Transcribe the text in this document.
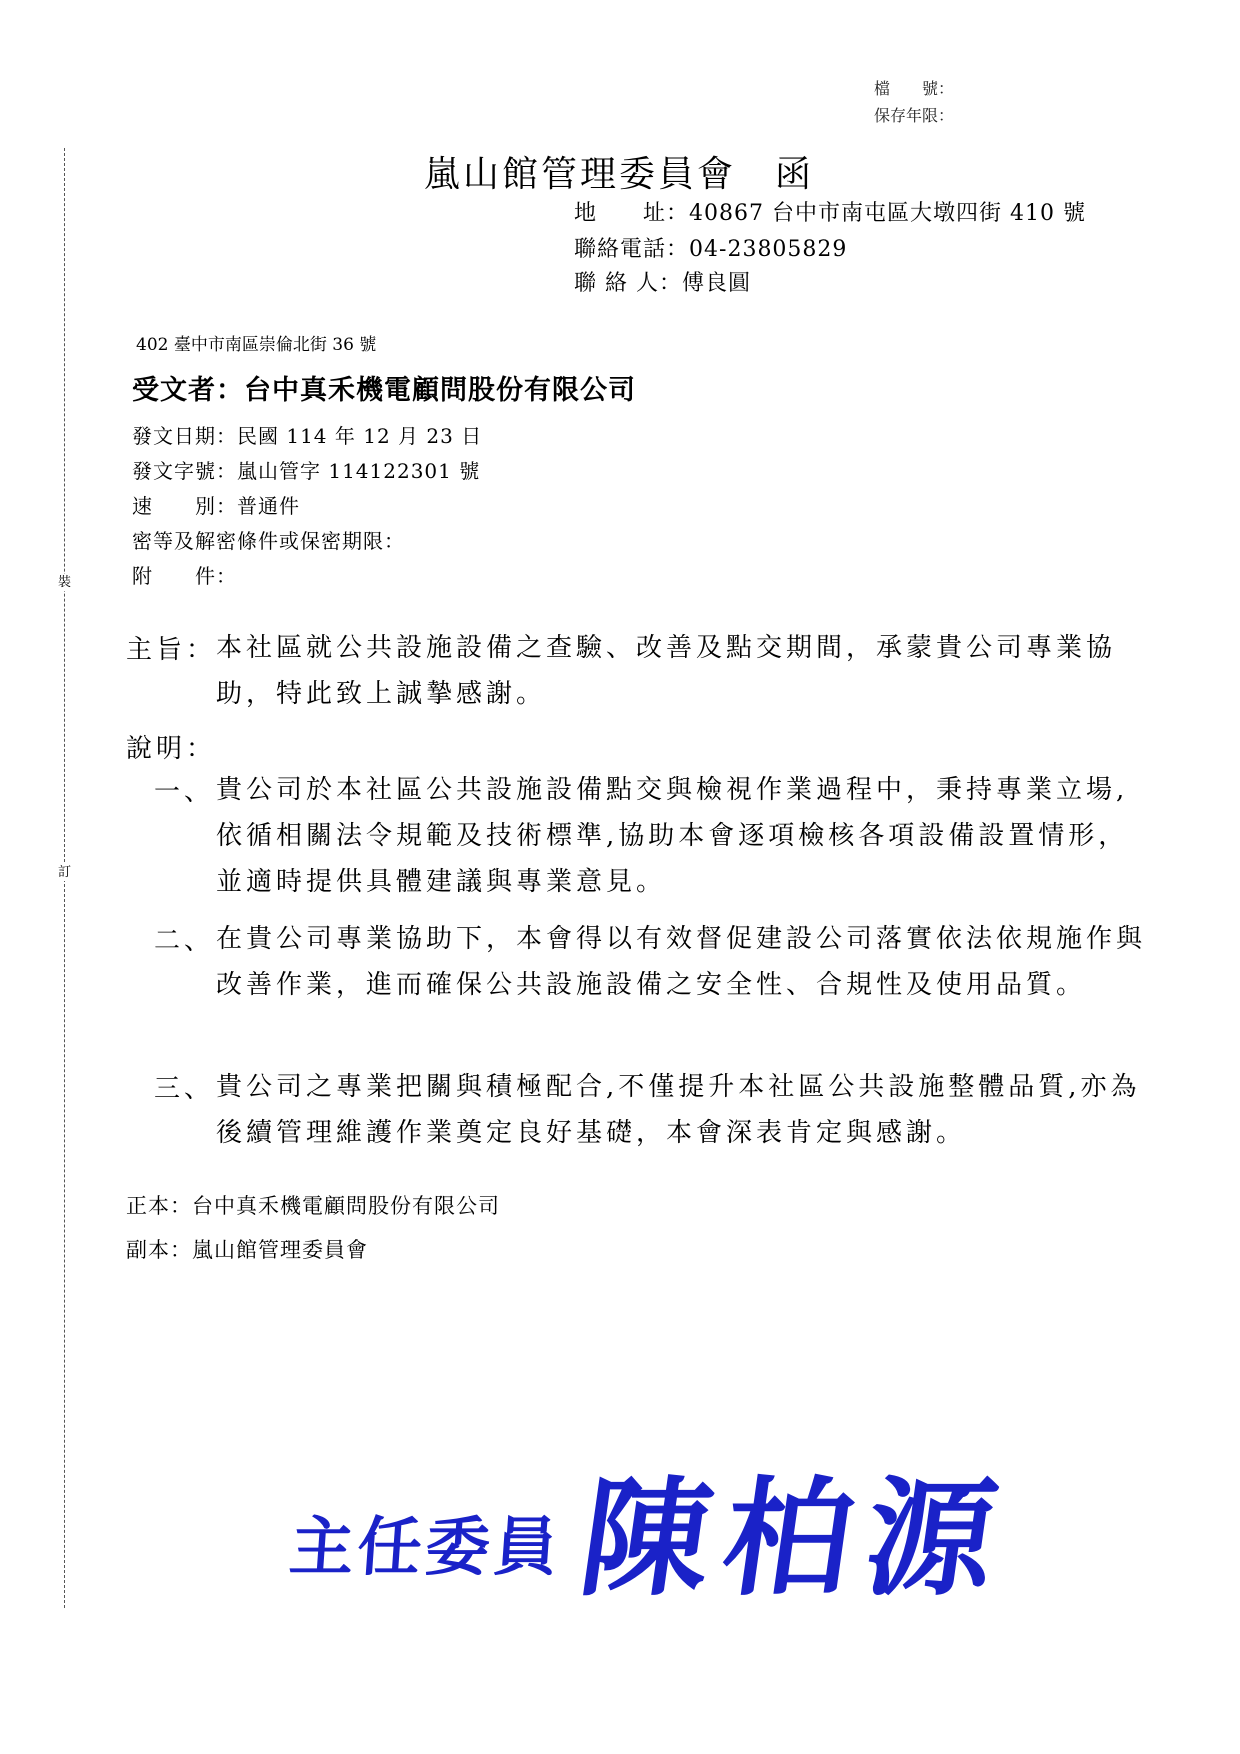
裝
訂
檔　　號：
保存年限：
嵐山館管理委員會　函
地　　址：40867 台中市南屯區大墩四街 410 號
聯絡電話：04-23805829
聯 絡 人：傅良圓
402 臺中市南區崇倫北街 36 號
受文者：台中真禾機電顧問股份有限公司
發文日期：民國 114 年 12 月 23 日
發文字號：嵐山管字 114122301 號
速　　別：普通件
密等及解密條件或保密期限：
附　　件：
主旨： 本社區就公共設施設備之查驗、改善及點交期間，承蒙貴公司專業協助，特此致上誠摯感謝。
說明：
一、 貴公司於本社區公共設施設備點交與檢視作業過程中，秉持專業立場,依循相關法令規範及技術標準,協助本會逐項檢核各項設備設置情形，並適時提供具體建議與專業意見。
二、 在貴公司專業協助下，本會得以有效督促建設公司落實依法依規施作與改善作業，進而確保公共設施設備之安全性、合規性及使用品質。
三、 貴公司之專業把關與積極配合,不僅提升本社區公共設施整體品質,亦為後續管理維護作業奠定良好基礎，本會深表肯定與感謝。
正本：台中真禾機電顧問股份有限公司
副本：嵐山館管理委員會
主任委員 陳柏源
